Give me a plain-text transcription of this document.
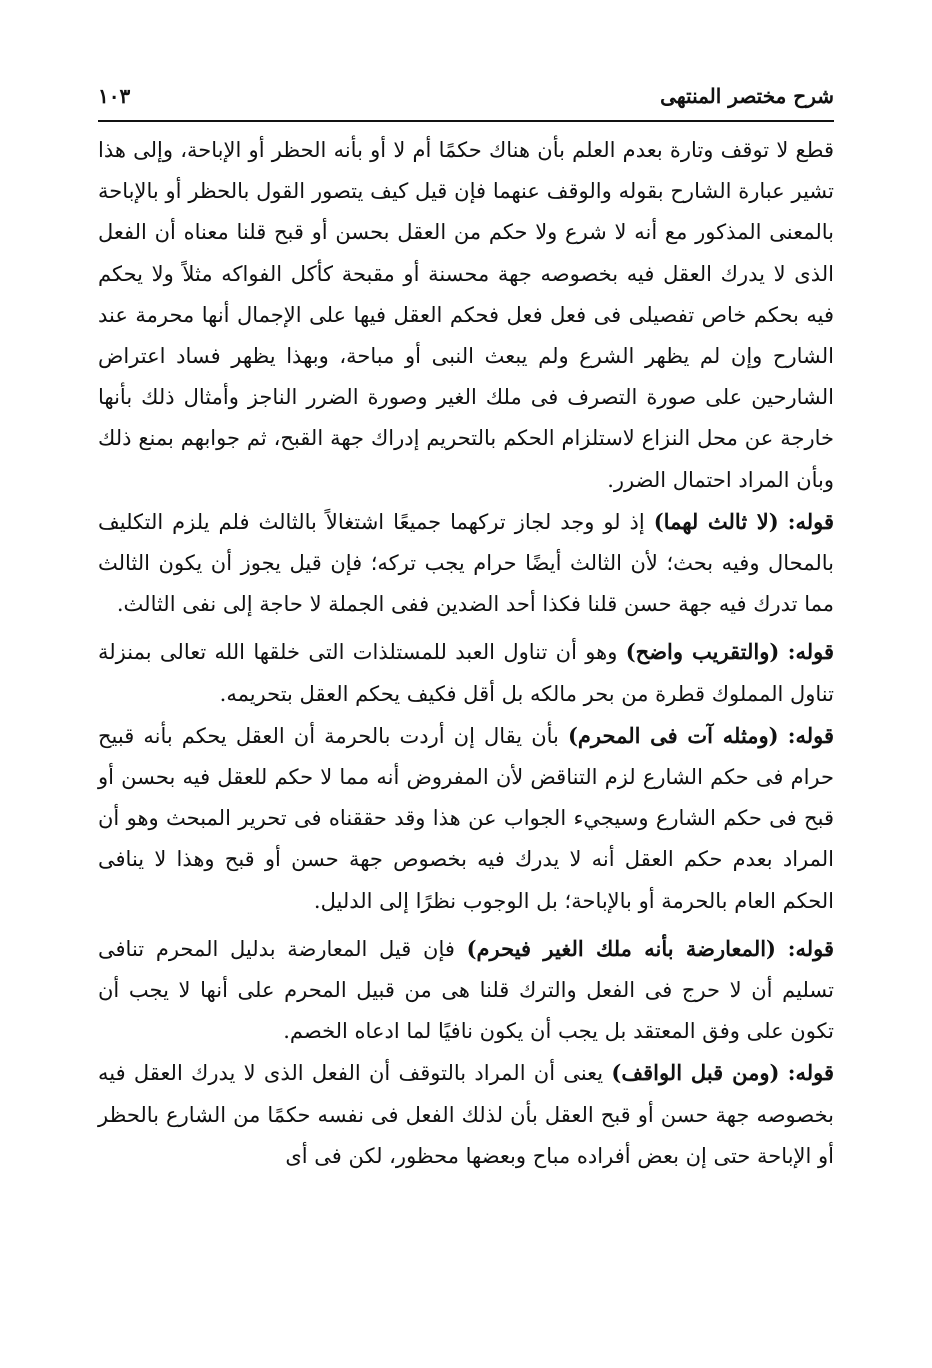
شرح مختصر المنتهى
١٠٣

قطع لا توقف وتارة بعدم العلم بأن هناك حكمًا أم لا أو بأنه الحظر أو الإباحة، وإلى هذا تشير عبارة الشارح بقوله والوقف عنهما فإن قيل كيف يتصور القول بالحظر أو بالإباحة بالمعنى المذكور مع أنه لا شرع ولا حكم من العقل بحسن أو قبح قلنا معناه أن الفعل الذى لا يدرك العقل فيه بخصوصه جهة محسنة أو مقبحة كأكل الفواكه مثلاً ولا يحكم فيه بحكم خاص تفصيلى فى فعل فعل فحكم العقل فيها على الإجمال أنها محرمة عند الشارح وإن لم يظهر الشرع ولم يبعث النبى أو مباحة، وبهذا يظهر فساد اعتراض الشارحين على صورة التصرف فى ملك الغير وصورة الضرر الناجز وأمثال ذلك بأنها خارجة عن محل النزاع لاستلزام الحكم بالتحريم إدراك جهة القبح، ثم جوابهم بمنع ذلك وبأن المراد احتمال الضرر.

قوله: (لا ثالث لهما) إذ لو وجد لجاز تركهما جميعًا اشتغالاً بالثالث فلم يلزم التكليف بالمحال وفيه بحث؛ لأن الثالث أيضًا حرام يجب تركه؛ فإن قيل يجوز أن يكون الثالث مما تدرك فيه جهة حسن قلنا فكذا أحد الضدين ففى الجملة لا حاجة إلى نفى الثالث.

قوله: (والتقريب واضح) وهو أن تناول العبد للمستلذات التى خلقها الله تعالى بمنزلة تناول المملوك قطرة من بحر مالكه بل أقل فكيف يحكم العقل بتحريمه.

قوله: (ومثله آت فى المحرم) بأن يقال إن أردت بالحرمة أن العقل يحكم بأنه قبيح حرام فى حكم الشارع لزم التناقض لأن المفروض أنه مما لا حكم للعقل فيه بحسن أو قبح فى حكم الشارع وسيجيء الجواب عن هذا وقد حققناه فى تحرير المبحث وهو أن المراد بعدم حكم العقل أنه لا يدرك فيه بخصوص جهة حسن أو قبح وهذا لا ينافى الحكم العام بالحرمة أو بالإباحة؛ بل الوجوب نظرًا إلى الدليل.

قوله: (المعارضة بأنه ملك الغير فيحرم) فإن قيل المعارضة بدليل المحرم تنافى تسليم أن لا حرج فى الفعل والترك قلنا هى من قبيل المحرم على أنها لا يجب أن تكون على وفق المعتقد بل يجب أن يكون نافيًا لما ادعاه الخصم.

قوله: (ومن قبل الواقف) يعنى أن المراد بالتوقف أن الفعل الذى لا يدرك العقل فيه بخصوصه جهة حسن أو قبح العقل بأن لذلك الفعل فى نفسه حكمًا من الشارع بالحظر أو الإباحة حتى إن بعض أفراده مباح وبعضها محظور، لكن فى أى
